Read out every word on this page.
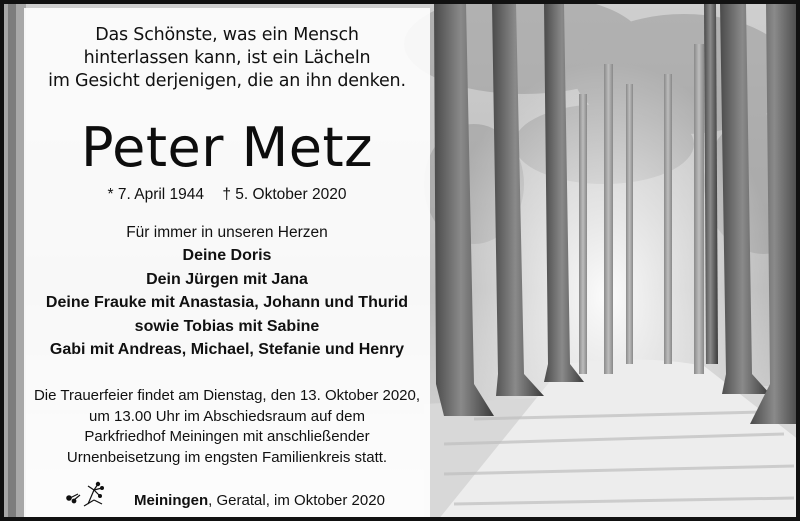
Das Schönste, was ein Mensch
hinterlassen kann, ist ein Lächeln
im Gesicht derjenigen, die an ihn denken.
Peter Metz
* 7. April 1944 † 5. Oktober 2020
Für immer in unseren Herzen
Deine Doris
Dein Jürgen mit Jana
Deine Frauke mit Anastasia, Johann und Thurid
sowie Tobias mit Sabine
Gabi mit Andreas, Michael, Stefanie und Henry
Die Trauerfeier findet am Dienstag, den 13. Oktober 2020,
um 13.00 Uhr im Abschiedsraum auf dem
Parkfriedhof Meiningen mit anschließender
Urnenbeisetzung im engsten Familienkreis statt.
Meiningen, Geratal, im Oktober 2020
